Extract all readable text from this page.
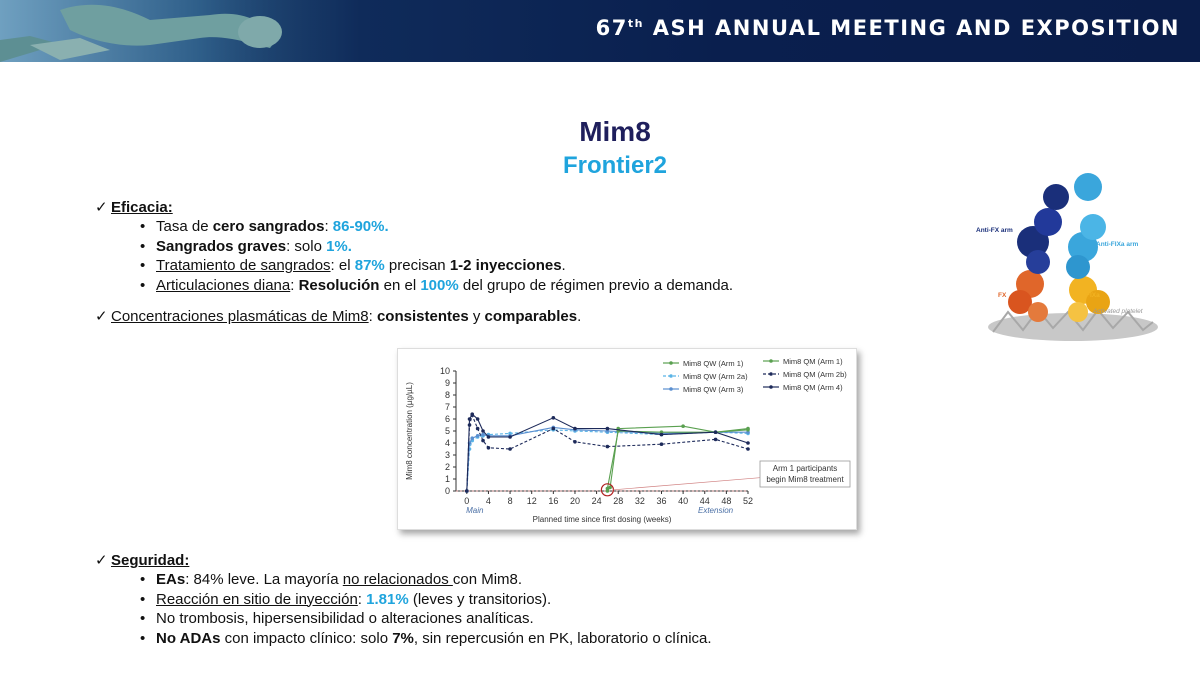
67th ASH ANNUAL MEETING AND EXPOSITION
Mim8
Frontier2
✓ Eficacia:
• Tasa de cero sangrados: 86-90%.
• Sangrados graves: solo 1%.
• Tratamiento de sangrados: el 87% precisan 1-2 inyecciones.
• Articulaciones diana: Resolución en el 100% del grupo de régimen previo a demanda.
✓ Concentraciones plasmáticas de Mim8: consistentes y comparables.
0
1
2
3
4
5
6
7
8
9
10
0 4 8 12 16 20 24 28 32 36 40 44 48 52
Main	Extension
Planned time since first dosing (weeks)
Mim8 concentration (µg/µL)	Arm 1 participants
begin Mim8 treatment
Mim8 QW (Arm 1)
Mim8 QW (Arm 2a)
Mim8 QW (Arm 3)
Mim8 QM (Arm 1)
Mim8 QM (Arm 2b)
Mim8 QM (Arm 4)
✓ Seguridad:
• EAs: 84% leve. La mayoría no relacionados con Mim8.
• Reacción en sitio de inyección: 1.81% (leves y transitorios).
• No trombosis, hipersensibilidad o alteraciones analíticas.
• No ADAs con impacto clínico: solo 7%, sin repercusión en PK, laboratorio o clínica.
Anti-FX arm
Anti-FIXa arm
FX	FIXa
Activated platelet
